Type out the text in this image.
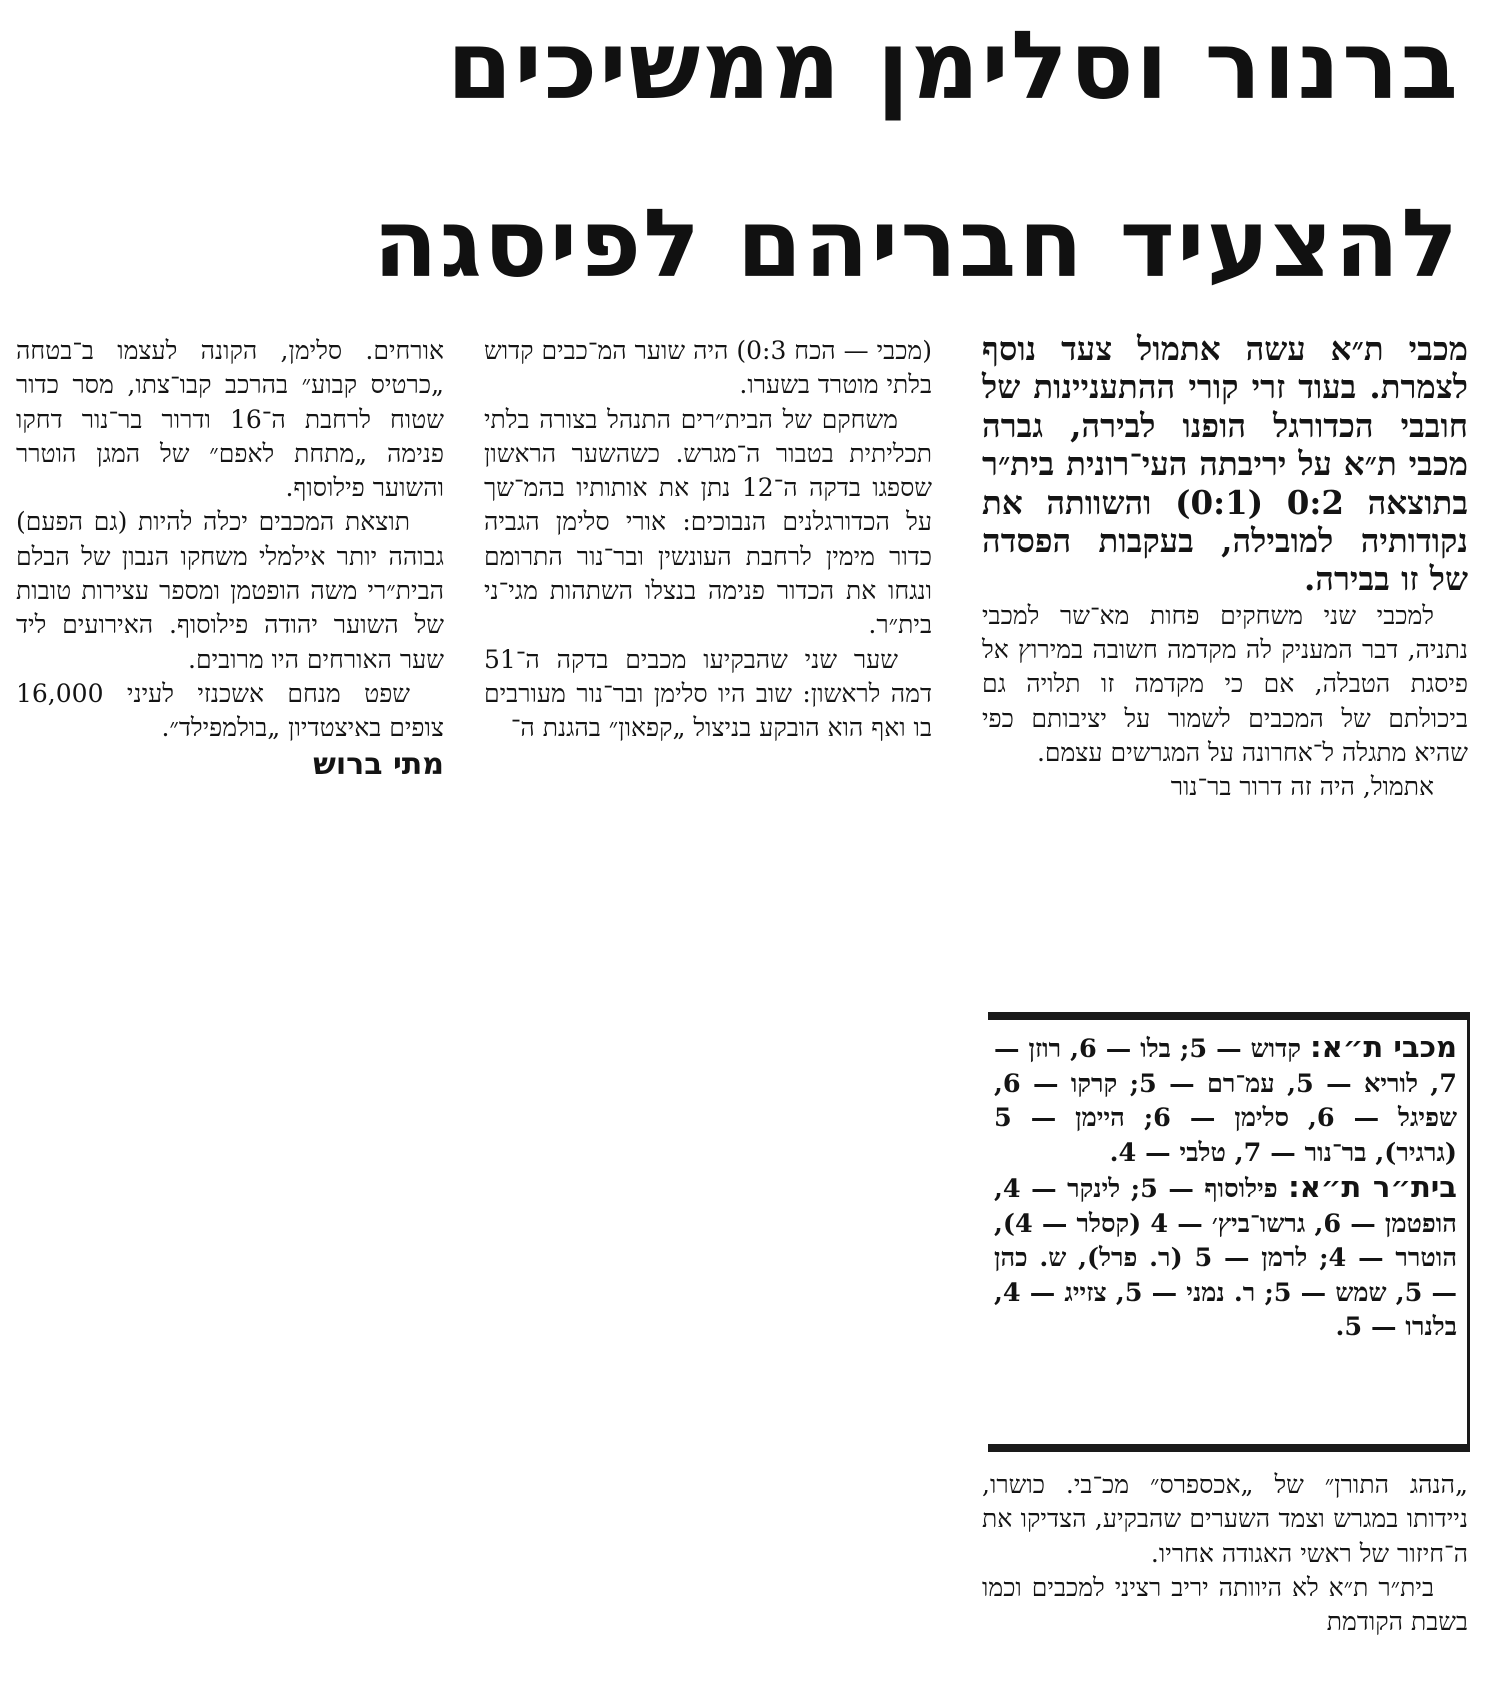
ברנור וסלימן ממשיכים
להצעיד חבריהם לפיסגה

מכבי ת״א עשה אתמול צעד נוסף לצמרת. בעוד זרי קורי ההתעניינות של חובבי הכדורגל הופנו לבירה, גברה מכבי ת״א על יריבתה העי־רונית בית״ר בתוצאה 0:2 (0:1) והשוותה את נקודותיה למובילה, בעקבות הפסדה של זו בבירה.

למכבי שני משחקים פחות מא־שר למכבי נתניה, דבר המעניק לה מקדמה חשובה במירוץ אל פיסגת הטבלה, אם כי מקדמה זו תלויה גם ביכולתם של המכבים לשמור על יציבותם כפי שהיא מתגלה ל־אחרונה על המגרשים עצמם.

אתמול, היה זה דרור בר־נור

מכבי ת״א: קדוש — 5; בלו — 6, רוזן — 7, לוריא — 5, עמ־רם — 5; קרקו — 6, שפיגל — 6, סלימן — 6; היימן — 5 (גרגיר), בר־נור — 7, טלבי — 4.

בית״ר ת״א: פילוסוף — 5; לינקר — 4, הופטמן — 6, גרשו־ביץ׳ — 4 (קסלר — 4), הוטרר — 4; לרמן — 5 (ר. פרל), ש. כהן — 5, שמש — 5; ר. נמני — 5, צזייג — 4, בלנרו — 5.

„הנהג התורן״ של „אכספרס״ מכ־בי. כושרו, ניידותו במגרש וצמד השערים שהבקיע, הצדיקו את ה־חיזור של ראשי האגודה אחריו.

בית״ר ת״א לא היוותה יריב רציני למכבים וכמו בשבת הקודמת

(מכבי — הכח 0:3) היה שוער המ־כבים קדוש בלתי מוטרד בשערו.

משחקם של הבית״רים התנהל בצורה בלתי תכליתית בטבור ה־מגרש. כשהשער הראשון שספגו בדקה ה־12 נתן את אותותיו בהמ־שך על הכדורגלנים הנבוכים: אורי סלימן הגביה כדור מימין לרחבת העונשין ובר־נור התרומם ונגחו את הכדור פנימה בנצלו השתהות מגי־ני בית״ר.

שער שני שהבקיעו מכבים בדקה ה־51 דמה לראשון: שוב היו סלימן ובר־נור מעורבים בו ואף הוא הובקע בניצול „קפאון״ בהגנת ה־

אורחים. סלימן, הקונה לעצמו ב־בטחה „כרטיס קבוע״ בהרכב קבו־צתו, מסר כדור שטוח לרחבת ה־16 ודרור בר־נור דחקו פנימה „מתחת לאפם״ של המגן הוטרר והשוער פילוסוף.

תוצאת המכבים יכלה להיות (גם הפעם) גבוהה יותר אילמלי משחקו הנבון של הבלם הבית״רי משה הופטמן ומספר עצירות טובות של השוער יהודה פילוסוף. האירועים ליד שער האורחים היו מרובים.

שפט מנחם אשכנזי לעיני 16,000 צופים באיצטדיון „בולמפילד״.

מתי ברוש
